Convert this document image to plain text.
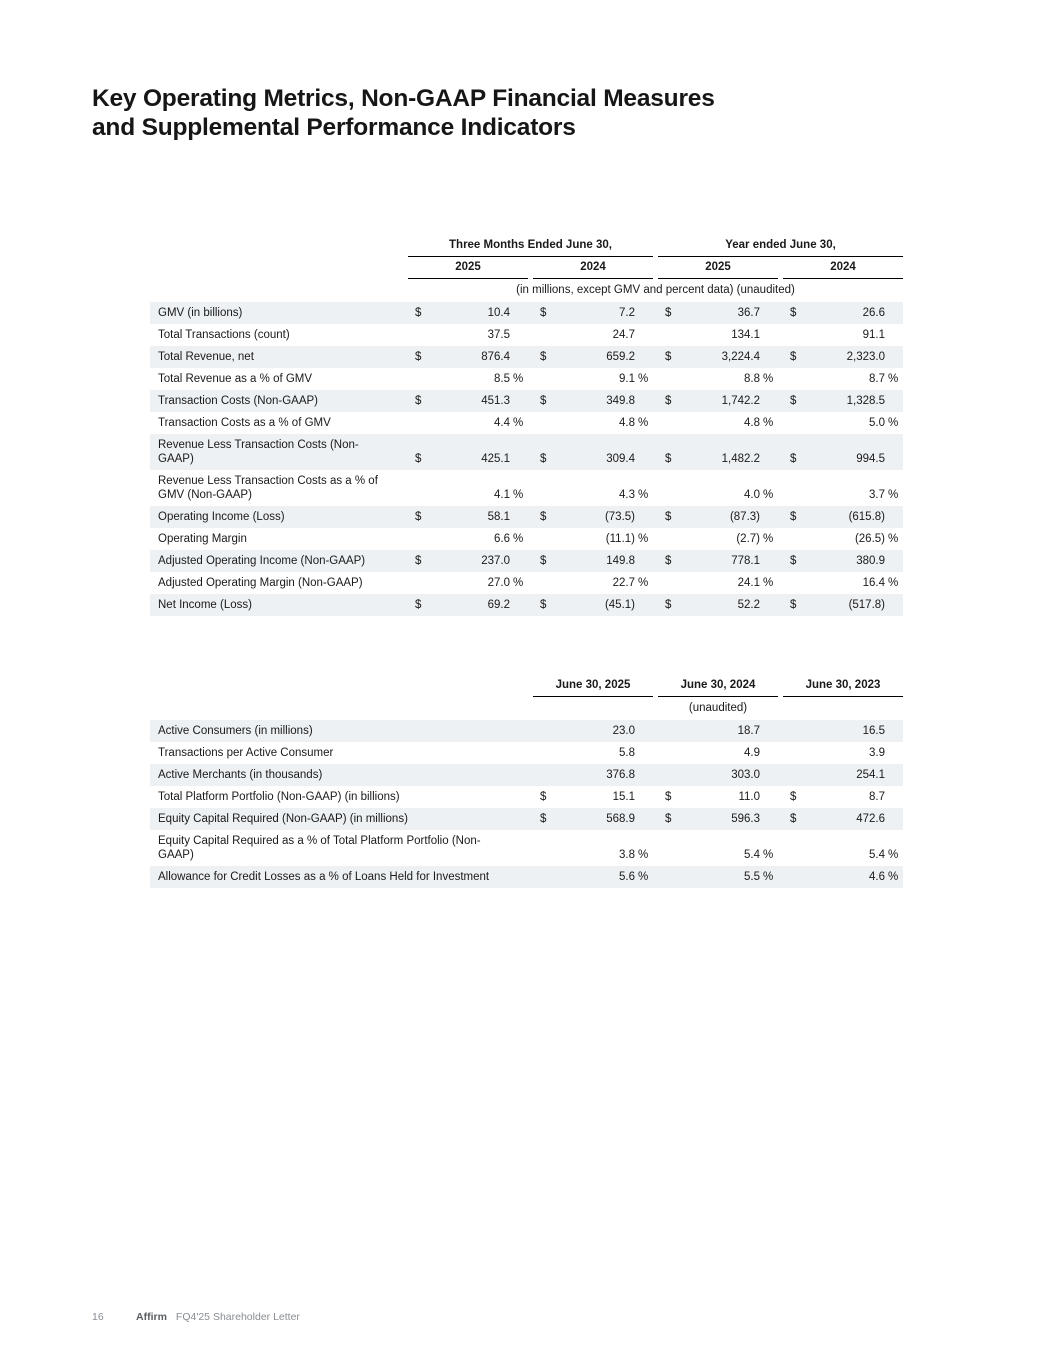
Key Operating Metrics, Non-GAAP Financial Measures
and Supplemental Performance Indicators
Three Months Ended June 30,	Year ended June 30,
2025	2024	2025	2024
(in millions, except GMV and percent data) (unaudited)
GMV (in billions)	$	10.4	$	7.2	$	36.7	$	26.6
Total Transactions (count)	37.5	24.7	134.1	91.1
Total Revenue, net	$	876.4	$	659.2	$	3,224.4	$	2,323.0
Total Revenue as a % of GMV	8.5 %	9.1 %	8.8 %	8.7 %
Transaction Costs (Non-GAAP)	$	451.3	$	349.8	$	1,742.2	$	1,328.5
Transaction Costs as a % of GMV	4.4 %	4.8 %	4.8 %	5.0 %
Revenue Less Transaction Costs (Non-GAAP)	$	425.1	$	309.4	$	1,482.2	$	994.5
Revenue Less Transaction Costs as a % of GMV (Non-GAAP)	4.1 %	4.3 %	4.0 %	3.7 %
Operating Income (Loss)	$	58.1	$	(73.5)	$	(87.3)	$	(615.8)
Operating Margin	6.6 %	(11.1) %	(2.7) %	(26.5) %
Adjusted Operating Income (Non-GAAP)	$	237.0	$	149.8	$	778.1	$	380.9
Adjusted Operating Margin (Non-GAAP)	27.0 %	22.7 %	24.1 %	16.4 %
Net Income (Loss)	$	69.2	$	(45.1)	$	52.2	$	(517.8)
June 30, 2025	June 30, 2024	June 30, 2023
(unaudited)
Active Consumers (in millions)	23.0	18.7	16.5
Transactions per Active Consumer	5.8	4.9	3.9
Active Merchants (in thousands)	376.8	303.0	254.1
Total Platform Portfolio (Non-GAAP) (in billions)	$	15.1	$	11.0	$	8.7
Equity Capital Required (Non-GAAP) (in millions)	$	568.9	$	596.3	$	472.6
Equity Capital Required as a % of Total Platform Portfolio (Non-GAAP)	3.8 %	5.4 %	5.4 %
Allowance for Credit Losses as a % of Loans Held for Investment	5.6 %	5.5 %	4.6 %
16	Affirm FQ4'25 Shareholder Letter
